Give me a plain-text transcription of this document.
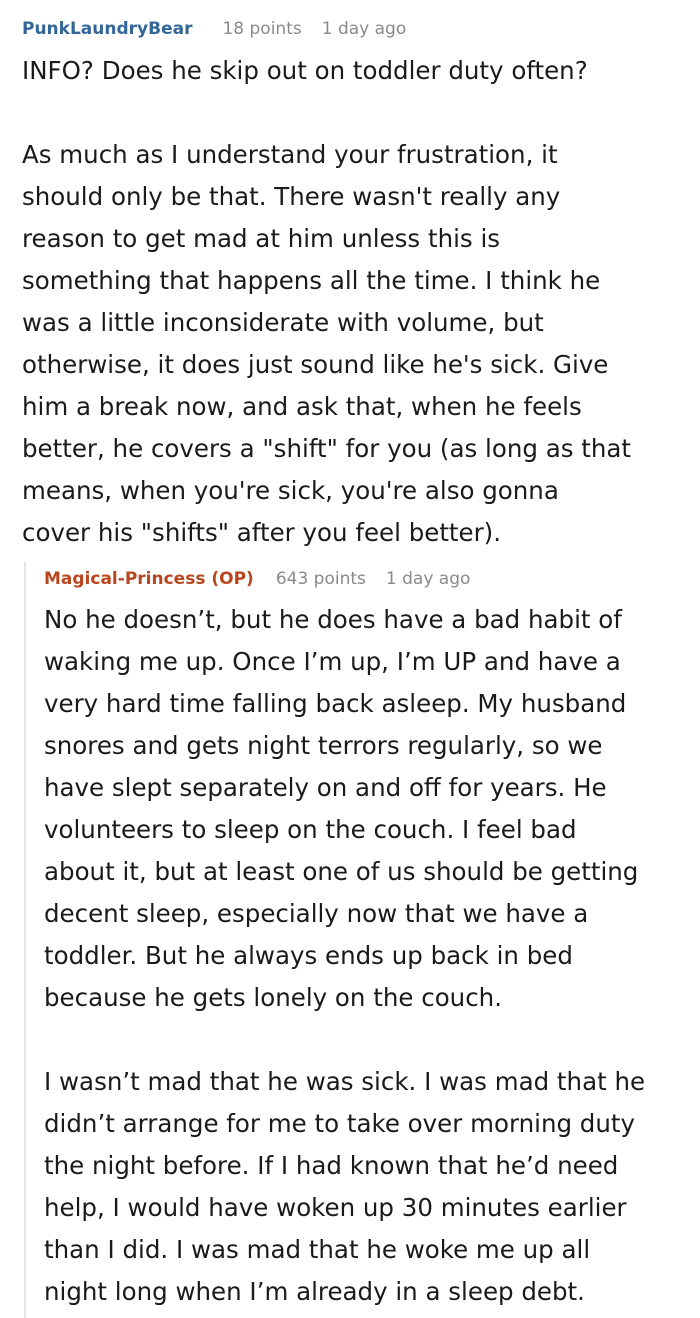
PunkLaundryBear 18 points 1 day ago
INFO? Does he skip out on toddler duty often?

As much as I understand your frustration, it
should only be that. There wasn't really any
reason to get mad at him unless this is
something that happens all the time. I think he
was a little inconsiderate with volume, but
otherwise, it does just sound like he's sick. Give
him a break now, and ask that, when he feels
better, he covers a "shift" for you (as long as that
means, when you're sick, you're also gonna
cover his "shifts" after you feel better).
Magical-Princess (OP) 643 points 1 day ago
No he doesn’t, but he does have a bad habit of
waking me up. Once I’m up, I’m UP and have a
very hard time falling back asleep. My husband
snores and gets night terrors regularly, so we
have slept separately on and off for years. He
volunteers to sleep on the couch. I feel bad
about it, but at least one of us should be getting
decent sleep, especially now that we have a
toddler. But he always ends up back in bed
because he gets lonely on the couch.

I wasn’t mad that he was sick. I was mad that he
didn’t arrange for me to take over morning duty
the night before. If I had known that he’d need
help, I would have woken up 30 minutes earlier
than I did. I was mad that he woke me up all
night long when I’m already in a sleep debt.
